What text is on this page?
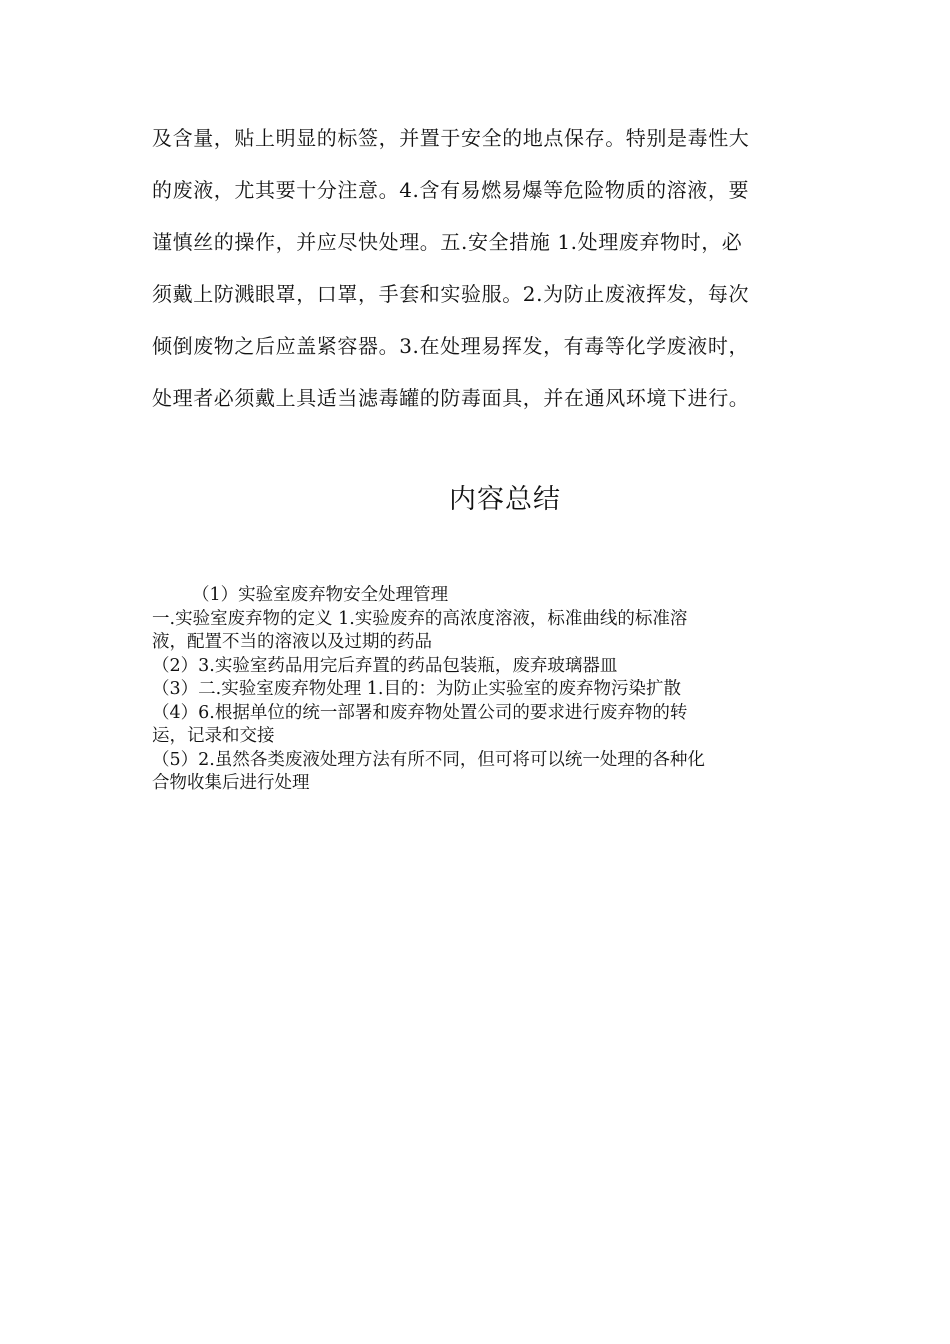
及含量，贴上明显的标签，并置于安全的地点保存。特别是毒性大
的废液，尤其要十分注意。4.含有易燃易爆等危险物质的溶液，要
谨慎丝的操作，并应尽快处理。五.安全措施 1.处理废弃物时，必
须戴上防溅眼罩，口罩，手套和实验服。2.为防止废液挥发，每次
倾倒废物之后应盖紧容器。3.在处理易挥发，有毒等化学废液时，
处理者必须戴上具适当滤毒罐的防毒面具，并在通风环境下进行。
内容总结
（1）实验室废弃物安全处理管理
一.实验室废弃物的定义 1.实验废弃的高浓度溶液，标准曲线的标准溶
液，配置不当的溶液以及过期的药品
（2）3.实验室药品用完后弃置的药品包装瓶，废弃玻璃器皿
（3）二.实验室废弃物处理 1.目的：为防止实验室的废弃物污染扩散
（4）6.根据单位的统一部署和废弃物处置公司的要求进行废弃物的转
运，记录和交接
（5）2.虽然各类废液处理方法有所不同，但可将可以统一处理的各种化
合物收集后进行处理
